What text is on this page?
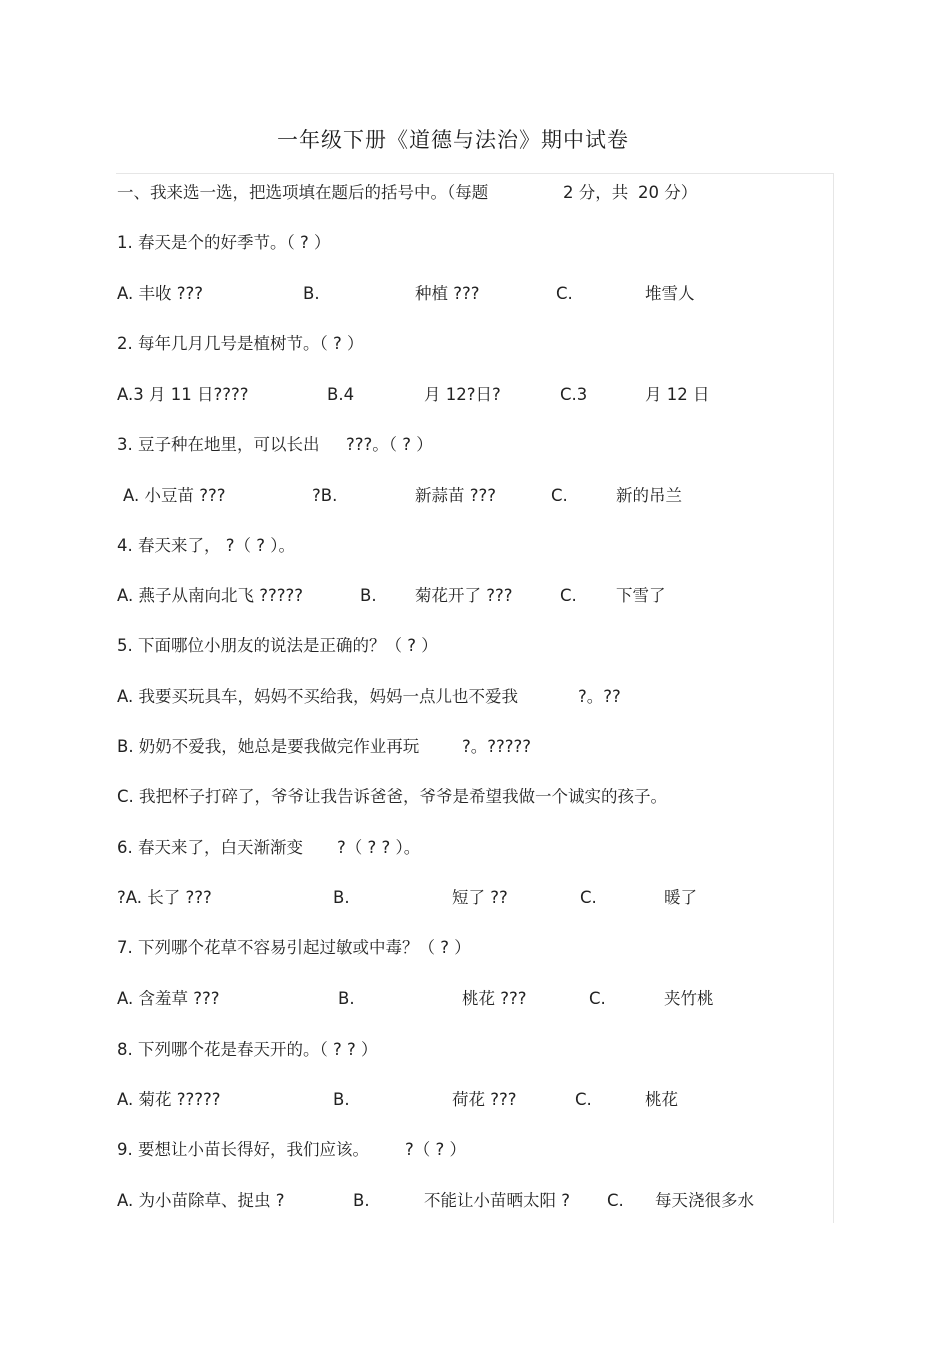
一年级下册《道德与法治》期中试卷
一、我来选一选，把选项填在题后的括号中。（每题	2 分，共 20 分）
1. 春天是个的好季节。（ ? ）
A. 丰收 ???	B.	种植 ???	C.	堆雪人
2. 每年几月几号是植树节。（ ? ）
A.3 月 11 日????	B.4	月 12?日?	C.3	月 12 日
3. 豆子种在地里，可以长出 ???。（ ? ）
A. 小豆苗 ???	?B.	新蒜苗 ???	C.	新的吊兰
4. 春天来了， ?（ ? ）。
A. 燕子从南向北飞 ?????	B. 菊花开了 ???	C. 下雪了
5. 下面哪位小朋友的说法是正确的？（ ? ）
A. 我要买玩具车，妈妈不买给我，妈妈一点儿也不爱我	?。??
B. 奶奶不爱我，她总是要我做完作业再玩	?。?????
C. 我把杯子打碎了，爷爷让我告诉爸爸，爷爷是希望我做一个诚实的孩子。
6. 春天来了，白天渐渐变 ?（ ? ? ）。
?A. 长了 ???	B.	短了 ??	C.	暖了
7. 下列哪个花草不容易引起过敏或中毒？（ ? ）
A. 含羞草 ???	B.	桃花 ???	C.	夹竹桃
8. 下列哪个花是春天开的。（ ? ? ）
A. 菊花 ?????	B.	荷花 ???	C.	桃花
9. 要想让小苗长得好，我们应该。 ?（ ? ）
A. 为小苗除草、捉虫 ?	B.	不能让小苗晒太阳 ? C. 每天浇很多水
